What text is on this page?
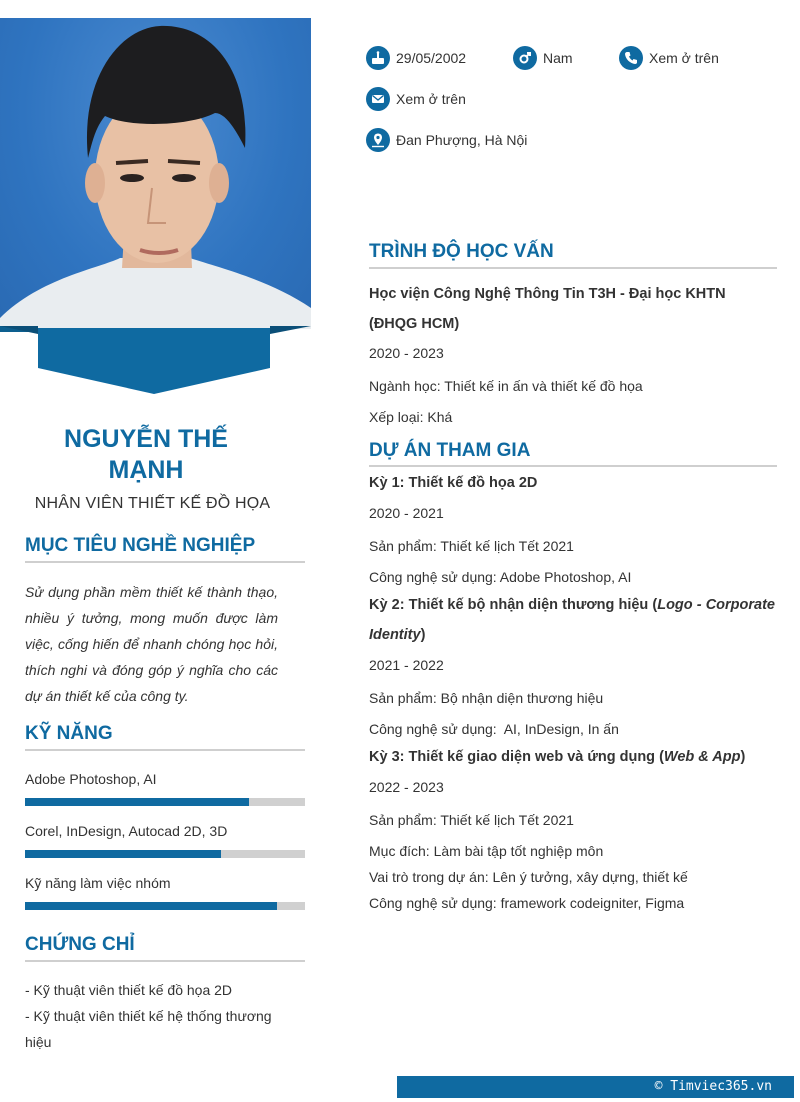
NGUYỄN THẾ MẠNH
NHÂN VIÊN THIẾT KẾ ĐỒ HỌA
MỤC TIÊU NGHỀ NGHIỆP
Sử dụng phần mềm thiết kế thành thạo, nhiều ý tưởng, mong muốn được làm việc, cống hiến để nhanh chóng học hỏi, thích nghi và đóng góp ý nghĩa cho các dự án thiết kế của công ty.
KỸ NĂNG
Adobe Photoshop, AI
Corel, InDesign, Autocad 2D, 3D
Kỹ năng làm việc nhóm
CHỨNG CHỈ
- Kỹ thuật viên thiết kế đồ họa 2D
- Kỹ thuật viên thiết kế hệ thống thương hiệu
29/05/2002	Nam	Xem ở trên
Xem ở trên
Đan Phượng, Hà Nội
TRÌNH ĐỘ HỌC VẤN
Học viện Công Nghệ Thông Tin T3H - Đại học KHTN (ĐHQG HCM)
2020 - 2023
Ngành học: Thiết kế in ấn và thiết kế đồ họa
Xếp loại: Khá
DỰ ÁN THAM GIA
Kỳ 1: Thiết kế đồ họa 2D
2020 - 2021
Sản phẩm: Thiết kế lịch Tết 2021
Công nghệ sử dụng: Adobe Photoshop, AI
Kỳ 2: Thiết kế bộ nhận diện thương hiệu (Logo - Corporate Identity)
2021 - 2022
Sản phẩm: Bộ nhận diện thương hiệu
Công nghệ sử dụng:  AI, InDesign, In ấn
Kỳ 3: Thiết kế giao diện web và ứng dụng (Web & App)
2022 - 2023
Sản phẩm: Thiết kế lịch Tết 2021
Mục đích: Làm bài tập tốt nghiệp môn
Vai trò trong dự án: Lên ý tưởng, xây dựng, thiết kế
Công nghệ sử dụng: framework codeigniter, Figma
© Timviec365.vn
